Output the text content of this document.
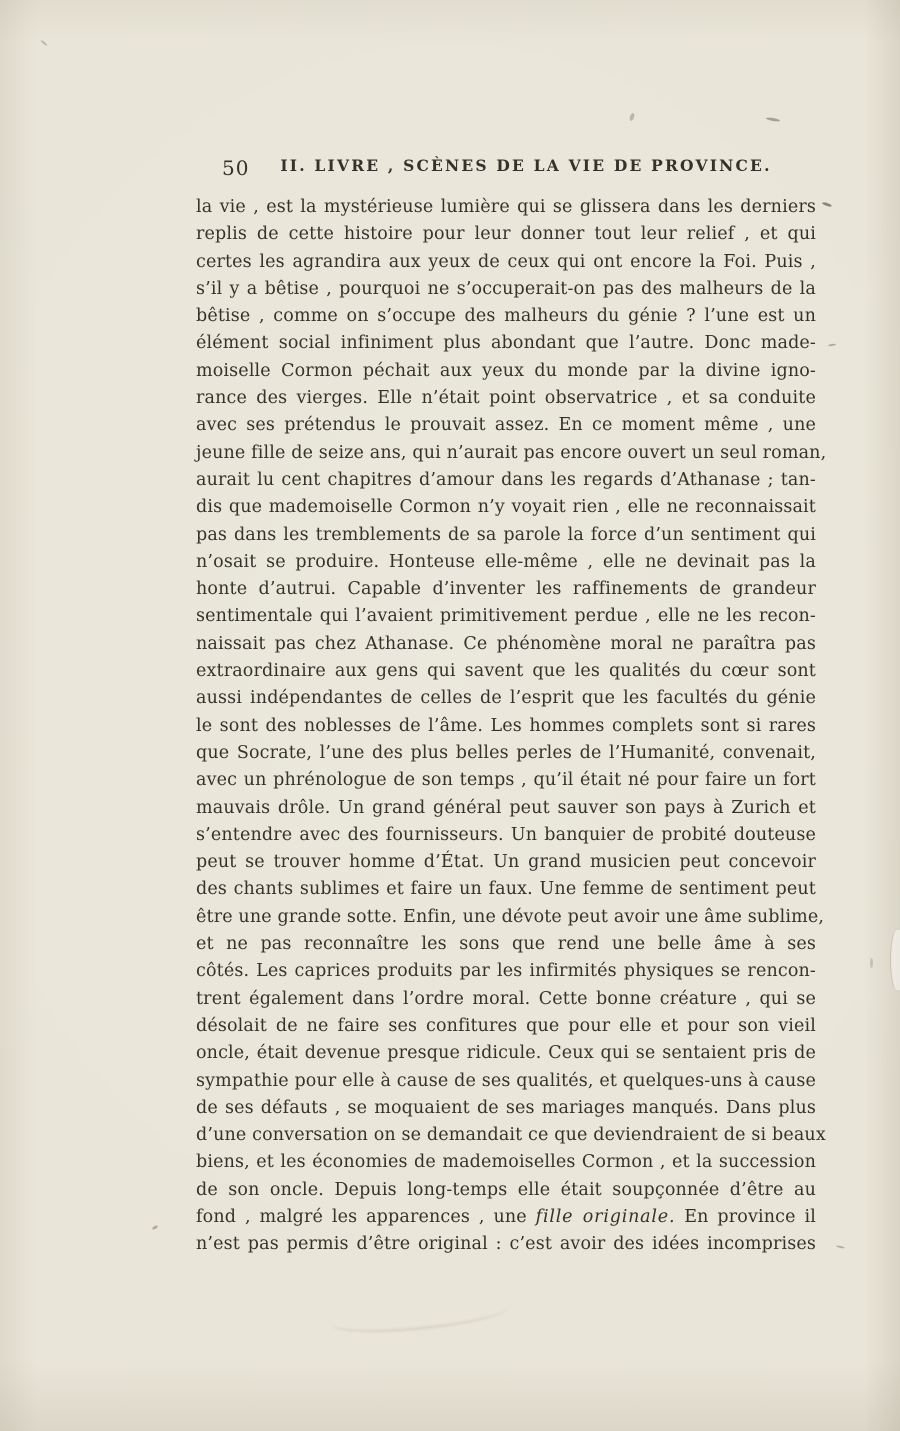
50	II. LIVRE , SCÈNES DE LA VIE DE PROVINCE.
la vie , est la mystérieuse lumière qui se glissera dans les derniers
replis de cette histoire pour leur donner tout leur relief , et qui
certes les agrandira aux yeux de ceux qui ont encore la Foi. Puis ,
s’il y a bêtise , pourquoi ne s’occuperait-on pas des malheurs de la
bêtise , comme on s’occupe des malheurs du génie ? l’une est un
élément social infiniment plus abondant que l’autre. Donc made-
moiselle Cormon péchait aux yeux du monde par la divine igno-
rance des vierges. Elle n’était point observatrice , et sa conduite
avec ses prétendus le prouvait assez. En ce moment même , une
jeune fille de seize ans, qui n’aurait pas encore ouvert un seul roman,
aurait lu cent chapitres d’amour dans les regards d’Athanase ; tan-
dis que mademoiselle Cormon n’y voyait rien , elle ne reconnaissait
pas dans les tremblements de sa parole la force d’un sentiment qui
n’osait se produire. Honteuse elle-même , elle ne devinait pas la
honte d’autrui. Capable d’inventer les raffinements de grandeur
sentimentale qui l’avaient primitivement perdue , elle ne les recon-
naissait pas chez Athanase. Ce phénomène moral ne paraîtra pas
extraordinaire aux gens qui savent que les qualités du cœur sont
aussi indépendantes de celles de l’esprit que les facultés du génie
le sont des noblesses de l’âme. Les hommes complets sont si rares
que Socrate, l’une des plus belles perles de l’Humanité, convenait,
avec un phrénologue de son temps , qu’il était né pour faire un fort
mauvais drôle. Un grand général peut sauver son pays à Zurich et
s’entendre avec des fournisseurs. Un banquier de probité douteuse
peut se trouver homme d’État. Un grand musicien peut concevoir
des chants sublimes et faire un faux. Une femme de sentiment peut
être une grande sotte. Enfin, une dévote peut avoir une âme sublime,
et ne pas reconnaître les sons que rend une belle âme à ses
côtés. Les caprices produits par les infirmités physiques se rencon-
trent également dans l’ordre moral. Cette bonne créature , qui se
désolait de ne faire ses confitures que pour elle et pour son vieil
oncle, était devenue presque ridicule. Ceux qui se sentaient pris de
sympathie pour elle à cause de ses qualités, et quelques-uns à cause
de ses défauts , se moquaient de ses mariages manqués. Dans plus
d’une conversation on se demandait ce que deviendraient de si beaux
biens, et les économies de mademoiselles Cormon , et la succession
de son oncle. Depuis long-temps elle était soupçonnée d’être au
fond , malgré les apparences , une fille originale. En province il
n’est pas permis d’être original : c’est avoir des idées incomprises
